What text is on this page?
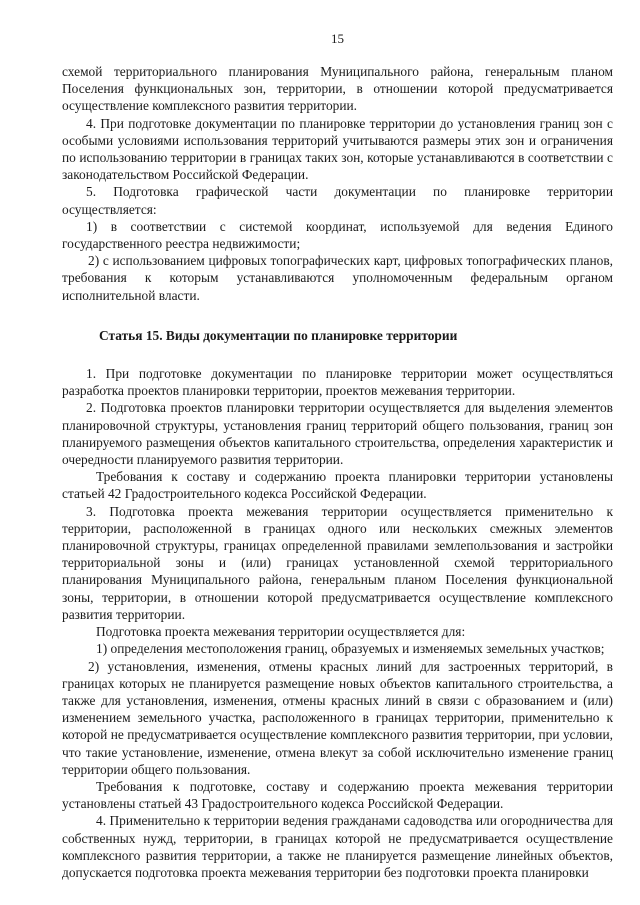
15

схемой территориального планирования Муниципального района, генеральным планом Поселения функциональных зон, территории, в отношении которой предусматривается осуществление комплексного развития территории.

4. При подготовке документации по планировке территории до установления границ зон с особыми условиями использования территорий учитываются размеры этих зон и ограничения по использованию территории в границах таких зон, которые устанавливаются в соответствии с законодательством Российской Федерации.

5. Подготовка графической части документации по планировке территории осуществляется:

1) в соответствии с системой координат, используемой для ведения Единого государственного реестра недвижимости;

2) с использованием цифровых топографических карт, цифровых топографических планов, требования к которым устанавливаются уполномоченным федеральным органом исполнительной власти.

Статья 15. Виды документации по планировке территории

1. При подготовке документации по планировке территории может осуществляться разработка проектов планировки территории, проектов межевания территории.

2. Подготовка проектов планировки территории осуществляется для выделения элементов планировочной структуры, установления границ территорий общего пользования, границ зон планируемого размещения объектов капитального строительства, определения характеристик и очередности планируемого развития территории.

Требования к составу и содержанию проекта планировки территории установлены статьей 42 Градостроительного кодекса Российской Федерации.

3. Подготовка проекта межевания территории осуществляется применительно к территории, расположенной в границах одного или нескольких смежных элементов планировочной структуры, границах определенной правилами землепользования и застройки территориальной зоны и (или) границах установленной схемой территориального планирования Муниципального района, генеральным планом Поселения функциональной зоны, территории, в отношении которой предусматривается осуществление комплексного развития территории.

Подготовка проекта межевания территории осуществляется для:

1) определения местоположения границ, образуемых и изменяемых земельных участков;

2) установления, изменения, отмены красных линий для застроенных территорий, в границах которых не планируется размещение новых объектов капитального строительства, а также для установления, изменения, отмены красных линий в связи с образованием и (или) изменением земельного участка, расположенного в границах территории, применительно к которой не предусматривается осуществление комплексного развития территории, при условии, что такие установление, изменение, отмена влекут за собой исключительно изменение границ территории общего пользования.

Требования к подготовке, составу и содержанию проекта межевания территории установлены статьей 43 Градостроительного кодекса Российской Федерации.

4. Применительно к территории ведения гражданами садоводства или огородничества для собственных нужд, территории, в границах которой не предусматривается осуществление комплексного развития территории, а также не планируется размещение линейных объектов, допускается подготовка проекта межевания территории без подготовки проекта планировки
